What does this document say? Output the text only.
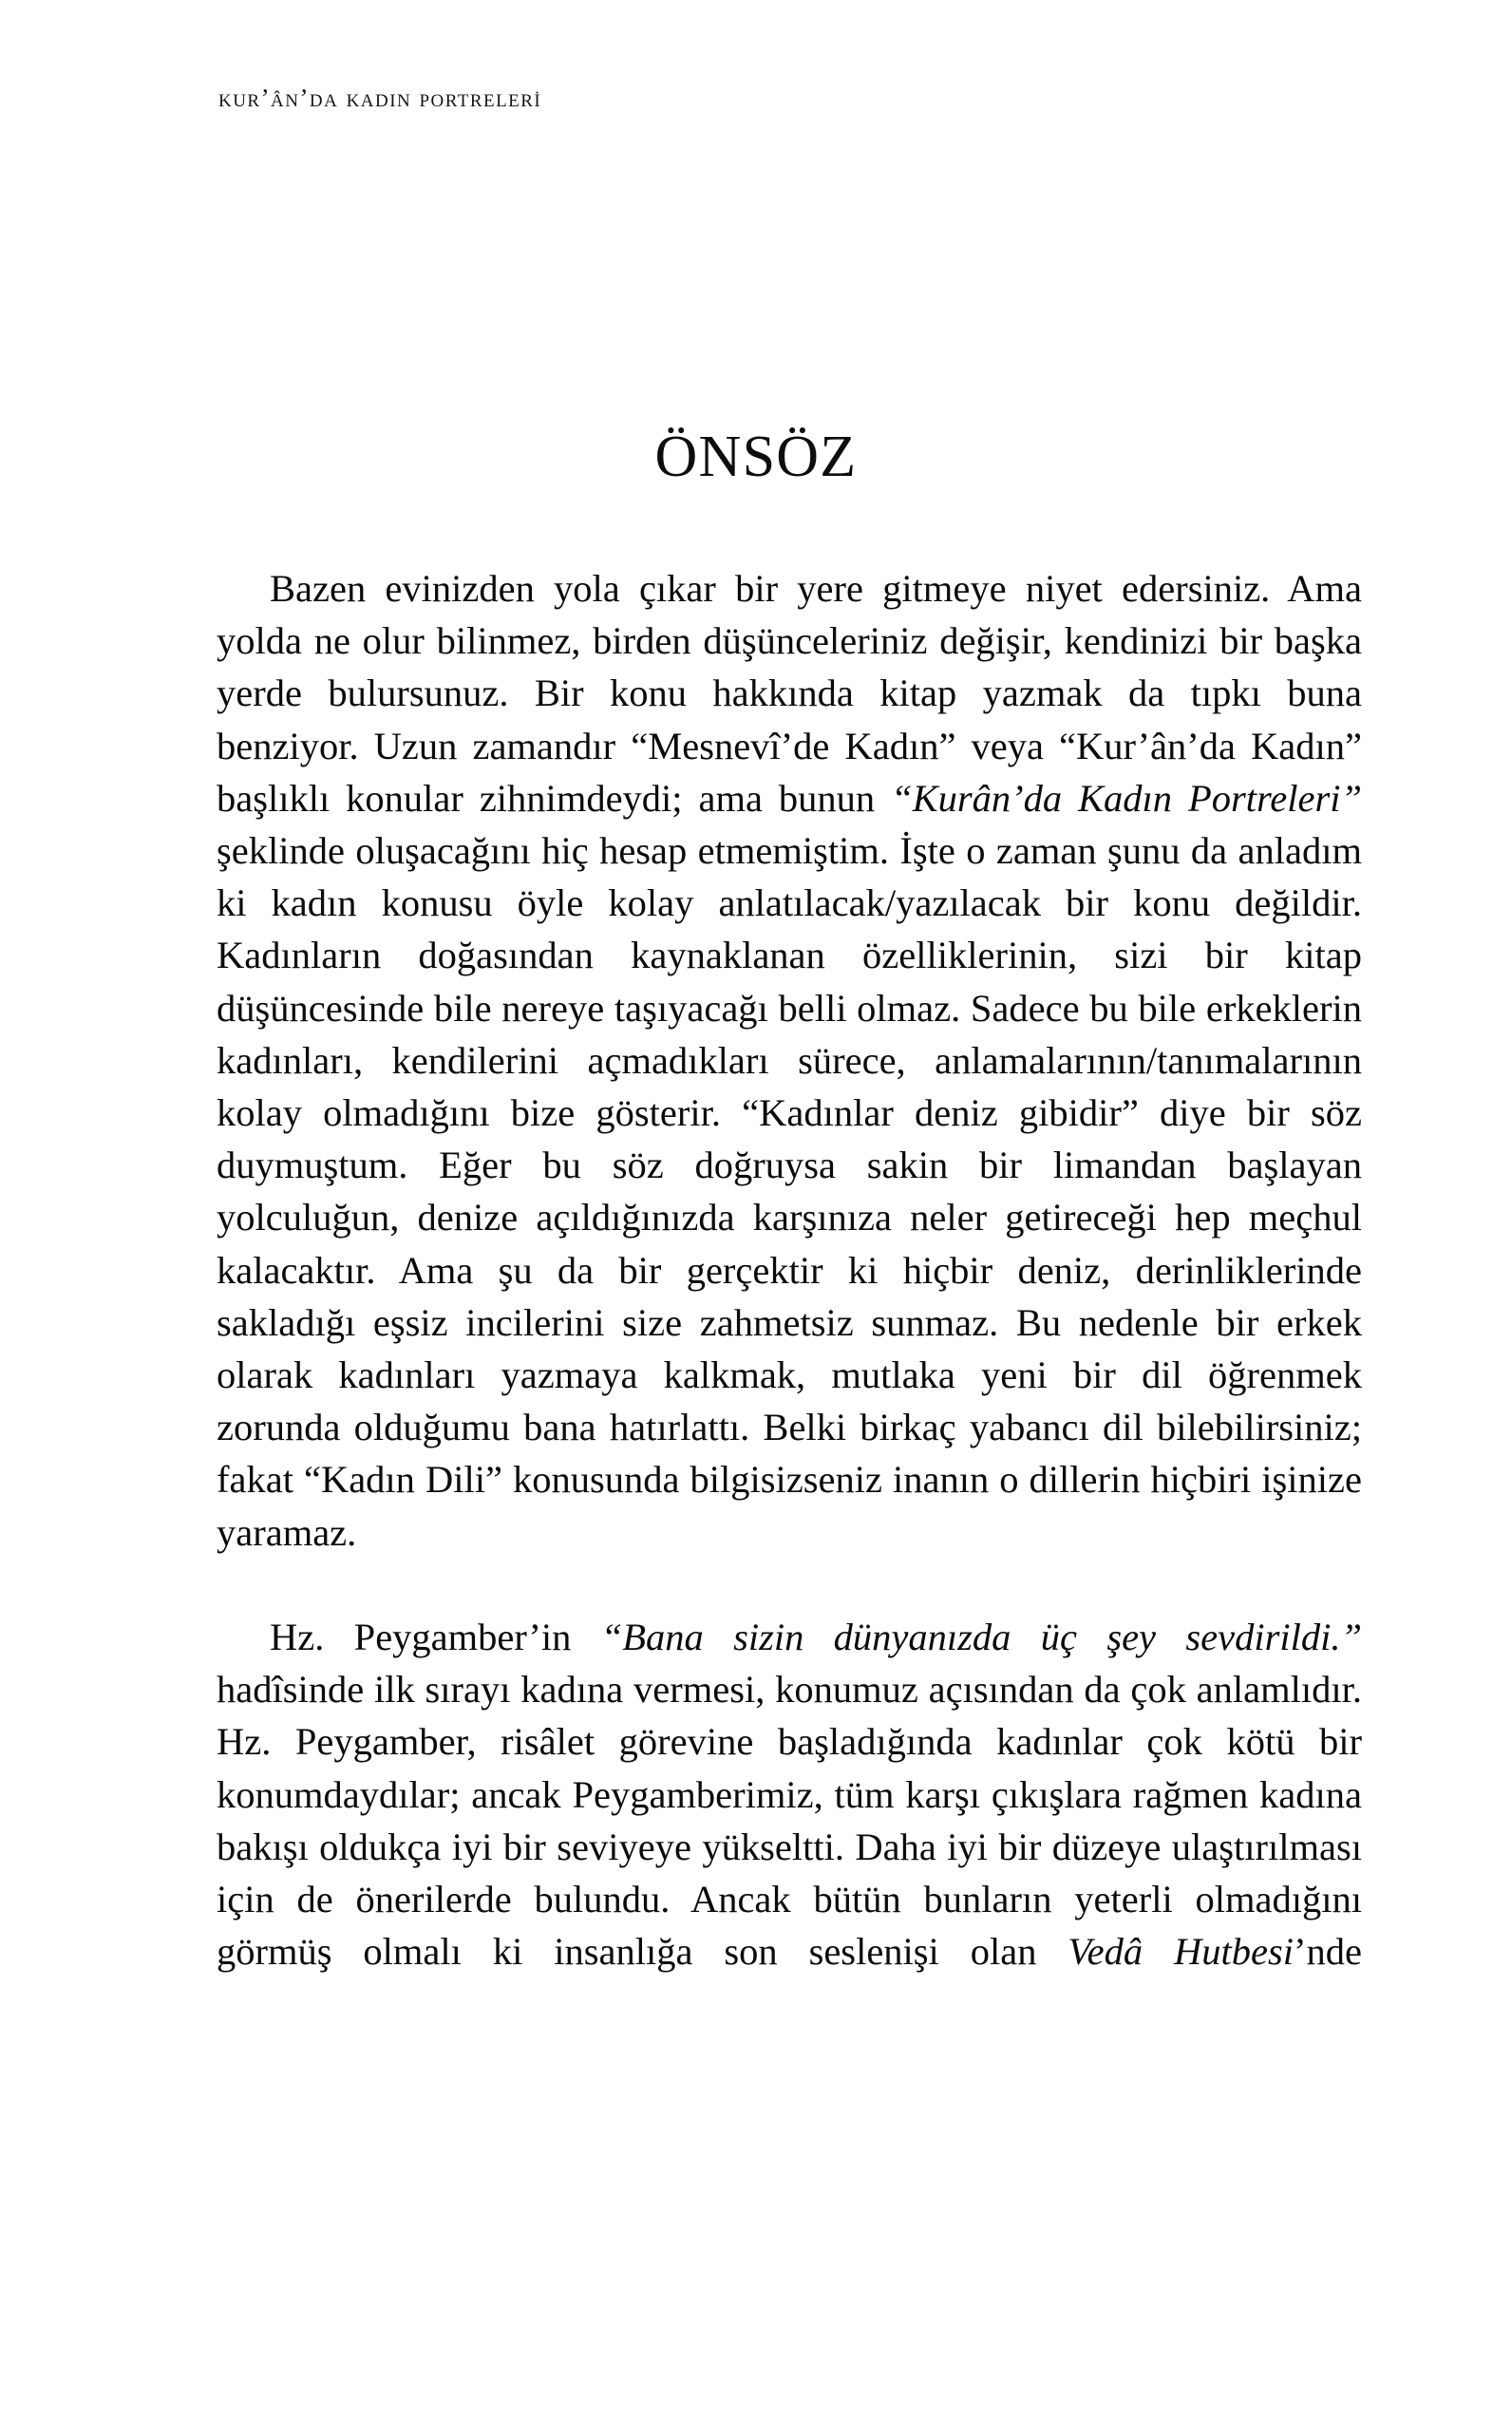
kur’ân’da kadın portreleri̇
ÖNSÖZ

Bazen evinizden yola çıkar bir yere gitmeye niyet edersiniz. Ama yolda ne olur bilinmez, birden düşünceleriniz değişir, kendinizi bir başka yerde bulursunuz. Bir konu hakkında kitap yazmak da tıpkı buna benziyor. Uzun zamandır “Mesnevî’de Kadın” veya “Kur’ân’da Kadın” başlıklı konular zihnimdeydi; ama bunun “Kurân’da Kadın Portreleri” şeklinde oluşacağını hiç hesap etmemiştim. İşte o zaman şunu da anladım ki kadın konusu öyle kolay anlatılacak/yazılacak bir konu değildir. Kadınların doğasından kaynaklanan özelliklerinin, sizi bir kitap düşüncesinde bile nereye taşıyacağı belli olmaz. Sadece bu bile erkeklerin kadınları, kendilerini açmadıkları sürece, anlamalarının/tanımalarının kolay olmadığını bize gösterir. “Kadınlar deniz gibidir” diye bir söz duymuştum. Eğer bu söz doğruysa sakin bir limandan başlayan yolculuğun, denize açıldığınızda karşınıza neler getireceği hep meçhul kalacaktır. Ama şu da bir gerçektir ki hiçbir deniz, derinliklerinde sakladığı eşsiz incilerini size zahmetsiz sunmaz. Bu nedenle bir erkek olarak kadınları yazmaya kalkmak, mutlaka yeni bir dil öğrenmek zorunda olduğumu bana hatırlattı. Belki birkaç yabancı dil bilebilirsiniz; fakat “Kadın Dili” konusunda bilgisizseniz inanın o dillerin hiçbiri işinize yaramaz.

Hz. Peygamber’in “Bana sizin dünyanızda üç şey sevdirildi.” hadîsinde ilk sırayı kadına vermesi, konumuz açısından da çok anlamlıdır. Hz. Peygamber, risâlet görevine başladığında kadınlar çok kötü bir konumdaydılar; ancak Peygamberimiz, tüm karşı çıkışlara rağmen kadına bakışı oldukça iyi bir seviyeye yükseltti. Daha iyi bir düzeye ulaştırılması için de önerilerde bulundu. Ancak bütün bunların yeterli olmadığını görmüş olmalı ki insanlığa son seslenişi olan Vedâ Hutbesi’nde
